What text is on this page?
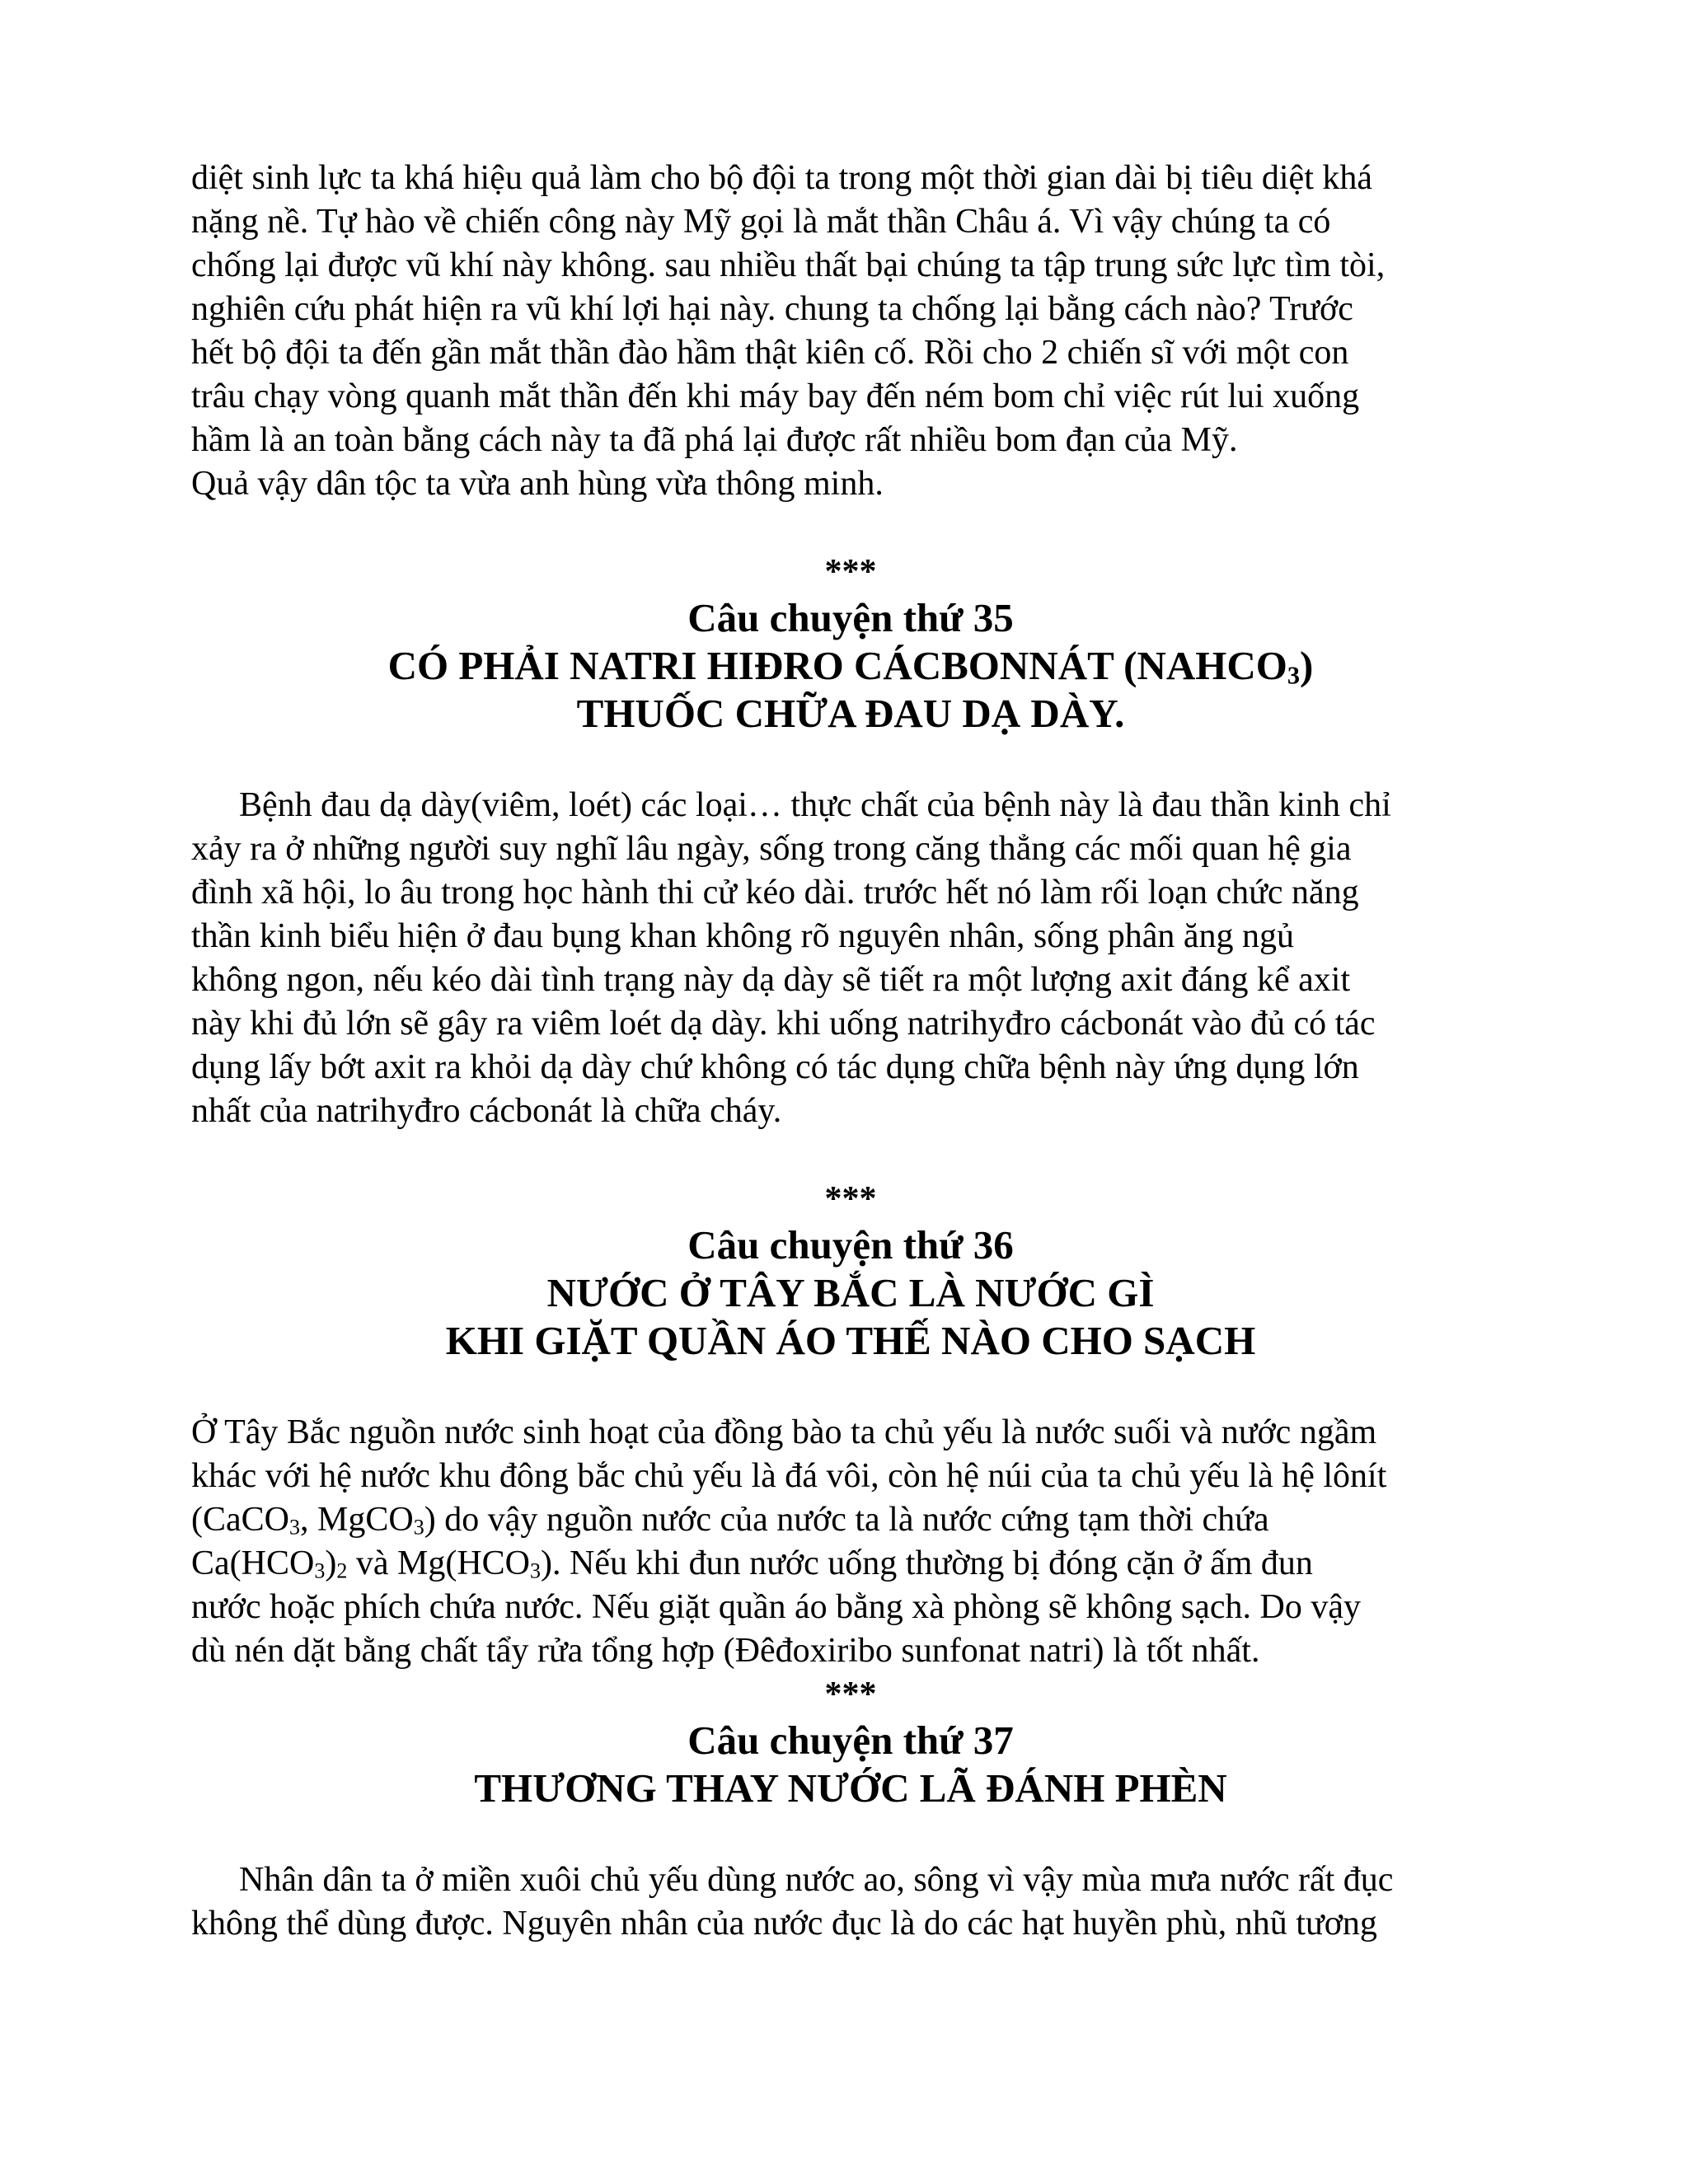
diệt sinh lực ta khá hiệu quả làm cho bộ đội ta trong một thời gian dài bị tiêu diệt khá
nặng nề. Tự hào về chiến công này Mỹ gọi là mắt thần Châu á. Vì vậy chúng ta có
chống lại được vũ khí này không. sau nhiều thất bại chúng ta tập trung sức lực tìm tòi,
nghiên cứu phát hiện ra vũ khí lợi hại này. chung ta chống lại bằng cách nào? Trước
hết bộ đội ta đến gần mắt thần đào hầm thật kiên cố. Rồi cho 2 chiến sĩ với một con
trâu chạy vòng quanh mắt thần đến khi máy bay đến ném bom chỉ việc rút lui xuống
hầm là an toàn bằng cách này ta đã phá lại được rất nhiều bom đạn của Mỹ.
Quả vậy dân tộc ta vừa anh hùng vừa thông minh.

***

Câu chuyện thứ 35

CÓ PHẢI NATRI HIĐRO CÁCBONNÁT $(NAHCO_3)$

THUỐC CHỮA ĐAU DẠ DÀY.

Bệnh đau dạ dày(viêm, loét) các loại… thực chất của bệnh này là đau thần kinh chỉ
xảy ra ở những người suy nghĩ lâu ngày, sống trong căng thẳng các mối quan hệ gia
đình xã hội, lo âu trong học hành thi cử kéo dài. trước hết nó làm rối loạn chức năng
thần kinh biểu hiện ở đau bụng khan không rõ nguyên nhân, sống phân ăng ngủ
không ngon, nếu kéo dài tình trạng này dạ dày sẽ tiết ra một lượng axit đáng kể axit
này khi đủ lớn sẽ gây ra viêm loét dạ dày. khi uống natrihyđro cácbonát vào đủ có tác
dụng lấy bớt axit ra khỏi dạ dày chứ không có tác dụng chữa bệnh này ứng dụng lớn
nhất của natrihyđro cácbonát là chữa cháy.

***

Câu chuyện thứ 36

NƯỚC Ở TÂY BẮC LÀ NƯỚC GÌ

KHI GIẶT QUẦN ÁO THẾ NÀO CHO SẠCH

Ở Tây Bắc nguồn nước sinh hoạt của đồng bào ta chủ yếu là nước suối và nước ngầm
khác với hệ nước khu đông bắc chủ yếu là đá vôi, còn hệ núi của ta chủ yếu là hệ lônít
(CaCO$_3$, MgCO$_3$) do vậy nguồn nước của nước ta là nước cứng tạm thời chứa
$Ca(HCO_3)_2$ và $Mg(HCO_3)$. Nếu khi đun nước uống thường bị đóng cặn ở ấm đun
nước hoặc phích chứa nước. Nếu giặt quần áo bằng xà phòng sẽ không sạch. Do vậy
dù nén dặt bằng chất tẩy rửa tổng hợp (Đêđoxiribo sunfonat natri) là tốt nhất.

***

Câu chuyện thứ 37

THƯƠNG THAY NƯỚC LÃ ĐÁNH PHÈN

Nhân dân ta ở miền xuôi chủ yếu dùng nước ao, sông vì vậy mùa mưa nước rất đục
không thể dùng được. Nguyên nhân của nước đục là do các hạt huyền phù, nhũ tương
